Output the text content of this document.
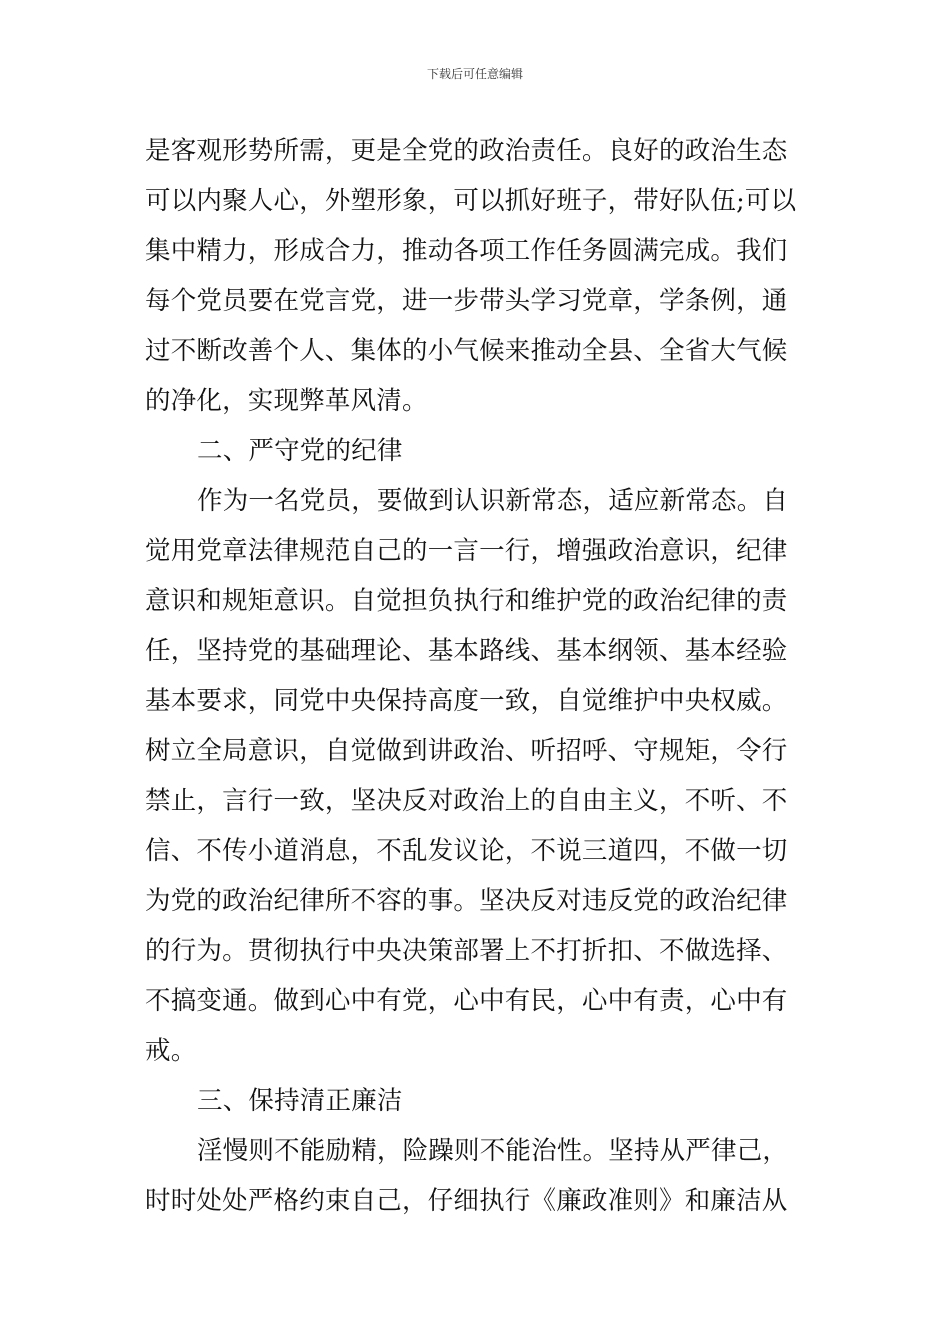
下载后可任意编辑
是客观形势所需，更是全党的政治责任。良好的政治生态
可以内聚人心，外塑形象，可以抓好班子，带好队伍;可以
集中精力，形成合力，推动各项工作任务圆满完成。我们
每个党员要在党言党，进一步带头学习党章，学条例，通
过不断改善个人、集体的小气候来推动全县、全省大气候
的净化，实现弊革风清。
二、严守党的纪律
作为一名党员，要做到认识新常态，适应新常态。自
觉用党章法律规范自己的一言一行，增强政治意识，纪律
意识和规矩意识。自觉担负执行和维护党的政治纪律的责
任，坚持党的基础理论、基本路线、基本纲领、基本经验
基本要求，同党中央保持高度一致，自觉维护中央权威。
树立全局意识，自觉做到讲政治、听招呼、守规矩，令行
禁止，言行一致，坚决反对政治上的自由主义，不听、不
信、不传小道消息，不乱发议论，不说三道四，不做一切
为党的政治纪律所不容的事。坚决反对违反党的政治纪律
的行为。贯彻执行中央决策部署上不打折扣、不做选择、
不搞变通。做到心中有党，心中有民，心中有责，心中有
戒。
三、保持清正廉洁
淫慢则不能励精，险躁则不能治性。坚持从严律己，
时时处处严格约束自己，仔细执行《廉政准则》和廉洁从
